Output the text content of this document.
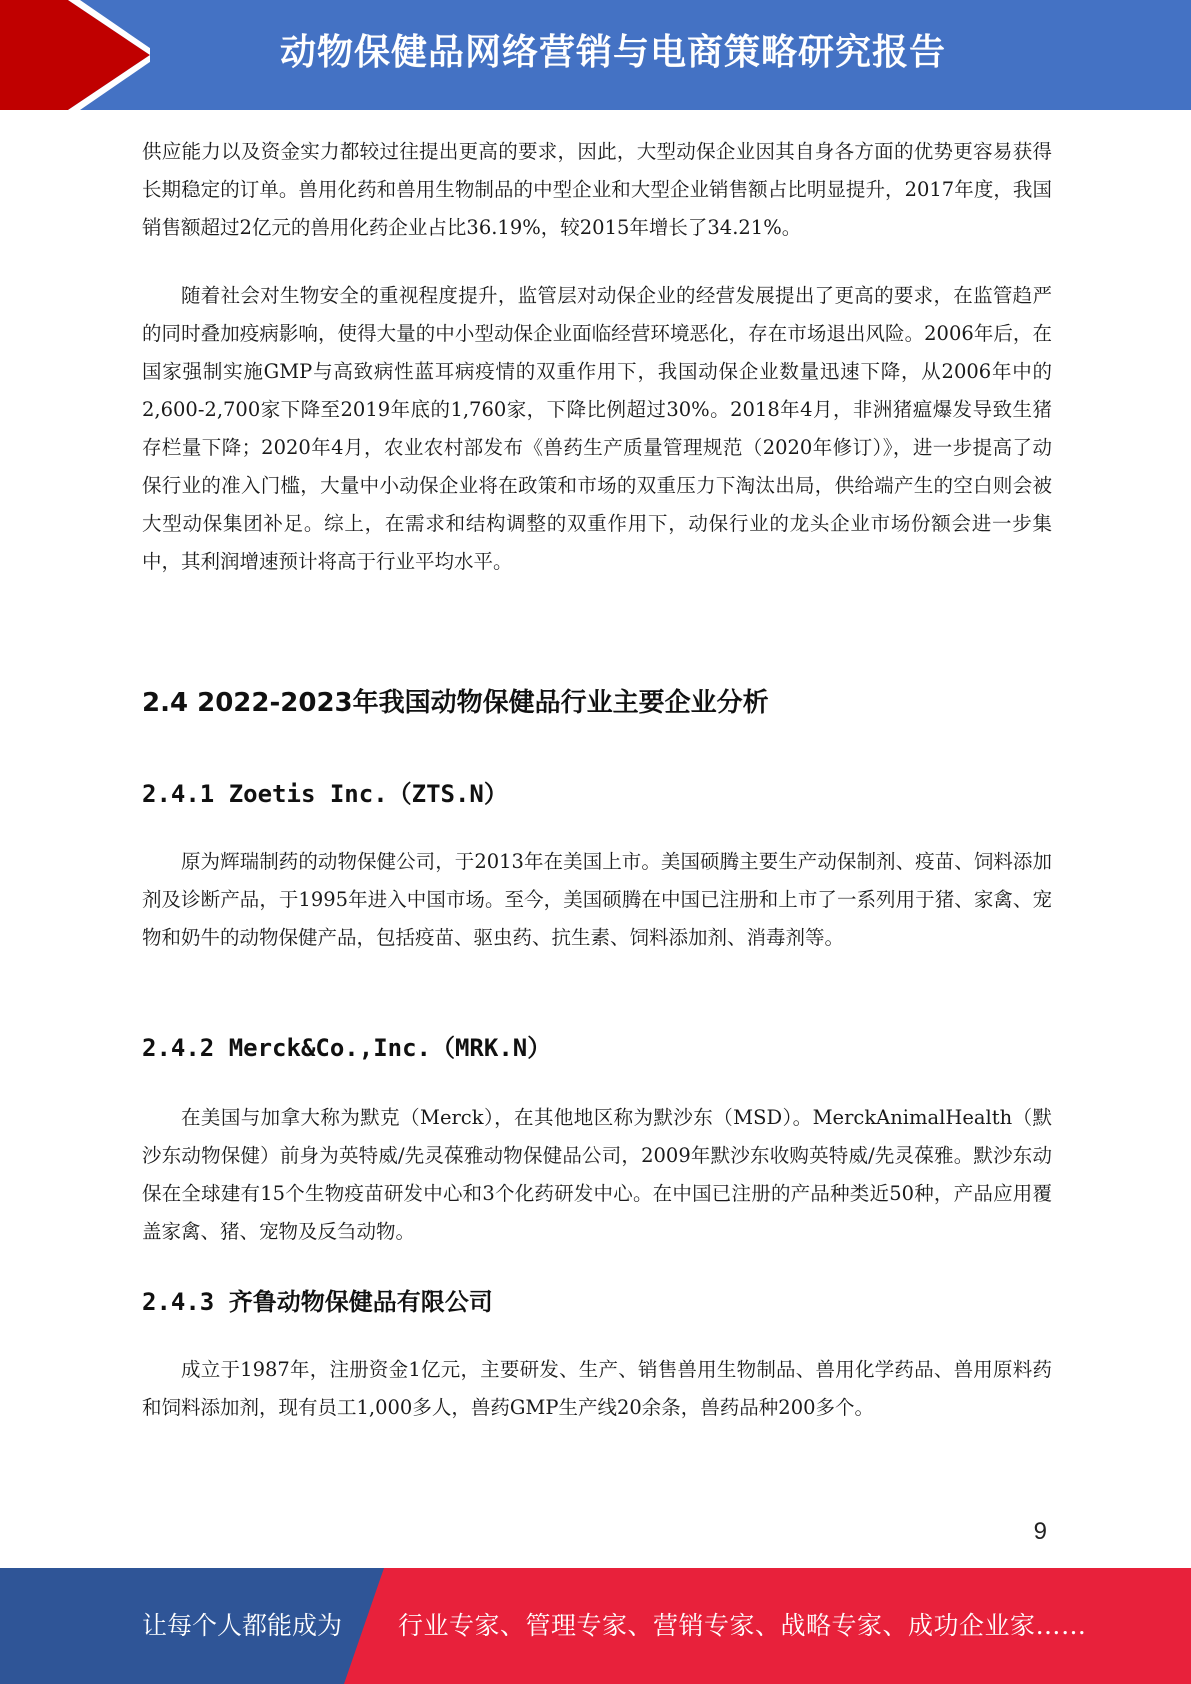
动物保健品网络营销与电商策略研究报告

供应能力以及资金实力都较过往提出更高的要求，因此，大型动保企业因其自身各方面的优势更容易获得长期稳定的订单。兽用化药和兽用生物制品的中型企业和大型企业销售额占比明显提升，2017年度，我国销售额超过2亿元的兽用化药企业占比36.19%，较2015年增长了34.21%。

随着社会对生物安全的重视程度提升，监管层对动保企业的经营发展提出了更高的要求，在监管趋严的同时叠加疫病影响，使得大量的中小型动保企业面临经营环境恶化，存在市场退出风险。2006年后，在国家强制实施GMP与高致病性蓝耳病疫情的双重作用下，我国动保企业数量迅速下降，从2006年中的2,600-2,700家下降至2019年底的1,760家，下降比例超过30%。2018年4月，非洲猪瘟爆发导致生猪存栏量下降；2020年4月，农业农村部发布《兽药生产质量管理规范（2020年修订）》，进一步提高了动保行业的准入门槛，大量中小动保企业将在政策和市场的双重压力下淘汰出局，供给端产生的空白则会被大型动保集团补足。综上，在需求和结构调整的双重作用下，动保行业的龙头企业市场份额会进一步集中，其利润增速预计将高于行业平均水平。

2.4 2022-2023年我国动物保健品行业主要企业分析
2.4.1 Zoetis Inc.（ZTS.N）

原为辉瑞制药的动物保健公司，于2013年在美国上市。美国硕腾主要生产动保制剂、疫苗、饲料添加剂及诊断产品，于1995年进入中国市场。至今，美国硕腾在中国已注册和上市了一系列用于猪、家禽、宠物和奶牛的动物保健产品，包括疫苗、驱虫药、抗生素、饲料添加剂、消毒剂等。

2.4.2 Merck&Co.,Inc.（MRK.N）

在美国与加拿大称为默克（Merck），在其他地区称为默沙东（MSD）。MerckAnimalHealth（默沙东动物保健）前身为英特威/先灵葆雅动物保健品公司，2009年默沙东收购英特威/先灵葆雅。默沙东动保在全球建有15个生物疫苗研发中心和3个化药研发中心。在中国已注册的产品种类近50种，产品应用覆盖家禽、猪、宠物及反刍动物。

2.4.3 齐鲁动物保健品有限公司

成立于1987年，注册资金1亿元，主要研发、生产、销售兽用生物制品、兽用化学药品、兽用原料药和饲料添加剂，现有员工1,000多人，兽药GMP生产线20余条，兽药品种200多个。

9
让每个人都能成为 行业专家、管理专家、营销专家、战略专家、成功企业家……
